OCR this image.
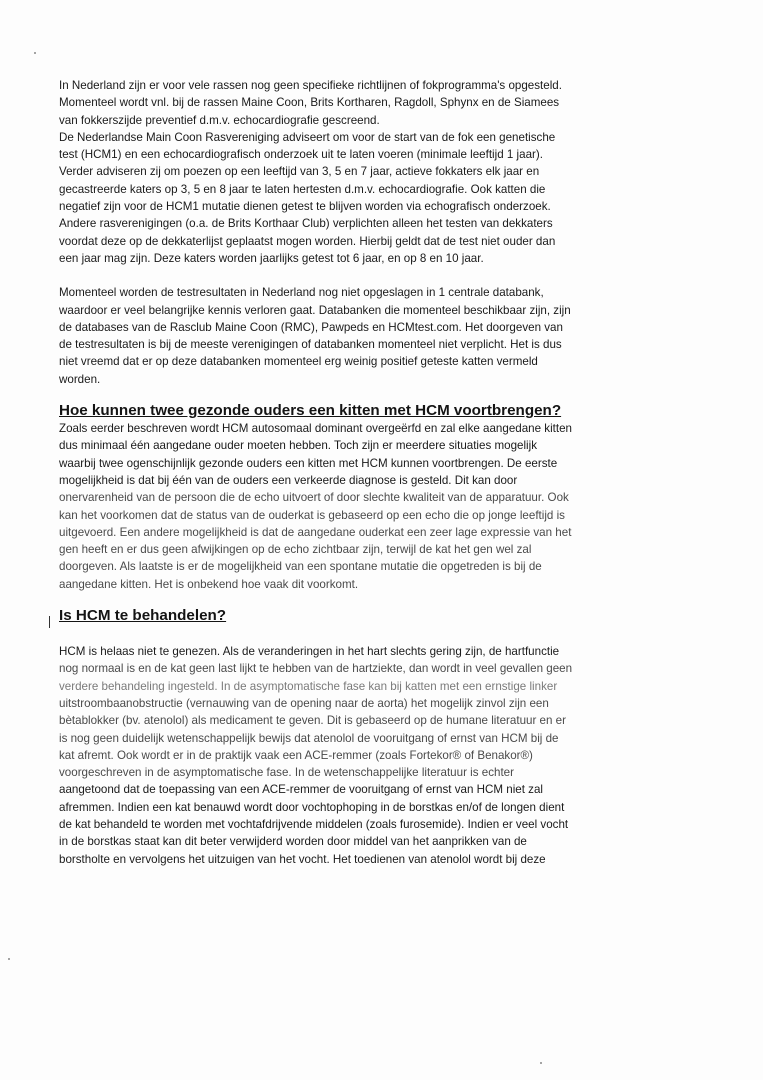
In Nederland zijn er voor vele rassen nog geen specifieke richtlijnen of fokprogramma's opgesteld.
Momenteel wordt vnl. bij de rassen Maine Coon, Brits Kortharen, Ragdoll, Sphynx en de Siamees
van fokkerszijde preventief d.m.v. echocardiografie gescreend.
De Nederlandse Main Coon Rasvereniging adviseert om voor de start van de fok een genetische
test (HCM1) en een echocardiografisch onderzoek uit te laten voeren (minimale leeftijd 1 jaar).
Verder adviseren zij om poezen op een leeftijd van 3, 5 en 7 jaar, actieve fokkaters elk jaar en
gecastreerde katers op 3, 5 en 8 jaar te laten hertesten d.m.v. echocardiografie. Ook katten die
negatief zijn voor de HCM1 mutatie dienen getest te blijven worden via echografisch onderzoek.
Andere rasverenigingen (o.a. de Brits Korthaar Club) verplichten alleen het testen van dekkaters
voordat deze op de dekkaterlijst geplaatst mogen worden. Hierbij geldt dat de test niet ouder dan
een jaar mag zijn. Deze katers worden jaarlijks getest tot 6 jaar, en op 8 en 10 jaar.
Momenteel worden de testresultaten in Nederland nog niet opgeslagen in 1 centrale databank,
waardoor er veel belangrijke kennis verloren gaat. Databanken die momenteel beschikbaar zijn, zijn
de databases van de Rasclub Maine Coon (RMC), Pawpeds en HCMtest.com. Het doorgeven van
de testresultaten is bij de meeste verenigingen of databanken momenteel niet verplicht. Het is dus
niet vreemd dat er op deze databanken momenteel erg weinig positief geteste katten vermeld
worden.
Hoe kunnen twee gezonde ouders een kitten met HCM voortbrengen?
Zoals eerder beschreven wordt HCM autosomaal dominant overgeërfd en zal elke aangedane kitten
dus minimaal één aangedane ouder moeten hebben. Toch zijn er meerdere situaties mogelijk
waarbij twee ogenschijnlijk gezonde ouders een kitten met HCM kunnen voortbrengen. De eerste
mogelijkheid is dat bij één van de ouders een verkeerde diagnose is gesteld. Dit kan door
onervarenheid van de persoon die de echo uitvoert of door slechte kwaliteit van de apparatuur. Ook
kan het voorkomen dat de status van de ouderkat is gebaseerd op een echo die op jonge leeftijd is
uitgevoerd. Een andere mogelijkheid is dat de aangedane ouderkat een zeer lage expressie van het
gen heeft en er dus geen afwijkingen op de echo zichtbaar zijn, terwijl de kat het gen wel zal
doorgeven. Als laatste is er de mogelijkheid van een spontane mutatie die opgetreden is bij de
aangedane kitten. Het is onbekend hoe vaak dit voorkomt.
Is HCM te behandelen?
HCM is helaas niet te genezen. Als de veranderingen in het hart slechts gering zijn, de hartfunctie
nog normaal is en de kat geen last lijkt te hebben van de hartziekte, dan wordt in veel gevallen geen
verdere behandeling ingesteld. In de asymptomatische fase kan bij katten met een ernstige linker
uitstroombaanobstructie (vernauwing van de opening naar de aorta) het mogelijk zinvol zijn een
bètablokker (bv. atenolol) als medicament te geven. Dit is gebaseerd op de humane literatuur en er
is nog geen duidelijk wetenschappelijk bewijs dat atenolol de vooruitgang of ernst van HCM bij de
kat afremt. Ook wordt er in de praktijk vaak een ACE-remmer (zoals Fortekor® of Benakor®)
voorgeschreven in de asymptomatische fase. In de wetenschappelijke literatuur is echter
aangetoond dat de toepassing van een ACE-remmer de vooruitgang of ernst van HCM niet zal
afremmen. Indien een kat benauwd wordt door vochtophoping in de borstkas en/of de longen dient
de kat behandeld te worden met vochtafdrijvende middelen (zoals furosemide). Indien er veel vocht
in de borstkas staat kan dit beter verwijderd worden door middel van het aanprikken van de
borstholte en vervolgens het uitzuigen van het vocht. Het toedienen van atenolol wordt bij deze
